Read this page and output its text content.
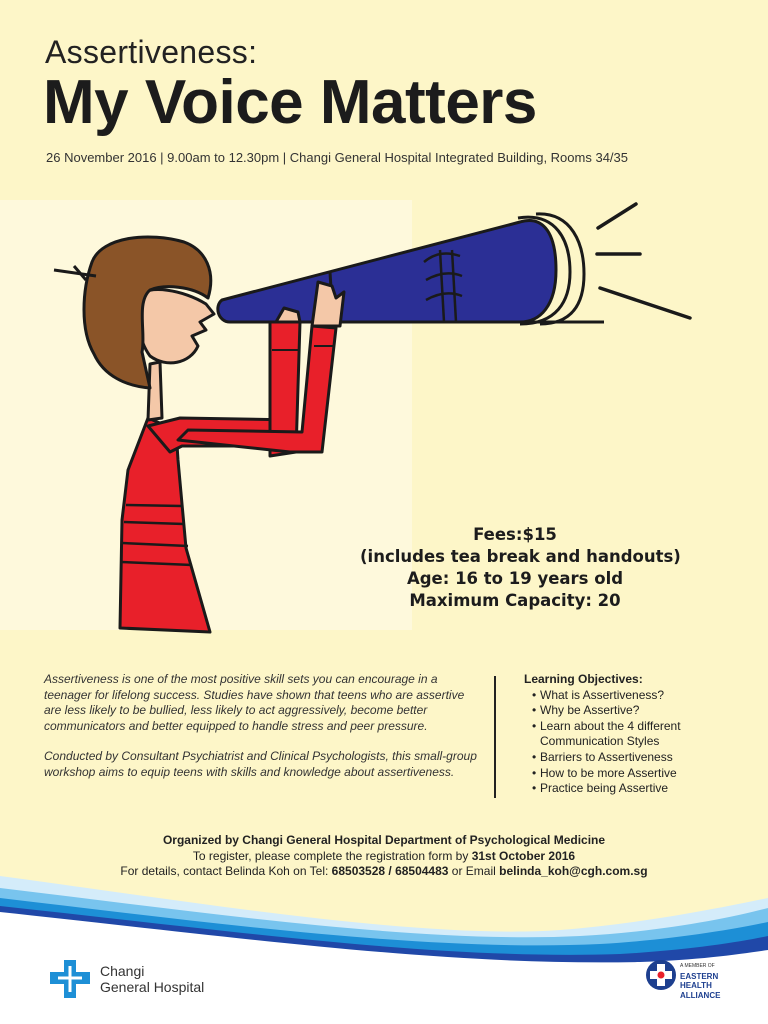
Assertiveness:
My Voice Matters
26 November 2016 | 9.00am to 12.30pm | Changi General Hospital Integrated Building, Rooms 34/35
Fees:$15
(includes tea break and handouts)
Age: 16 to 19 years old
Maximum Capacity: 20

Assertiveness is one of the most positive skill sets you can encourage in a teenager for lifelong success. Studies have shown that teens who are assertive are less likely to be bullied, less likely to act aggressively, become better communicators and better equipped to handle stress and peer pressure.

Conducted by Consultant Psychiatrist and Clinical Psychologists, this small-group workshop aims to equip teens with skills and knowledge about assertiveness.

Learning Objectives:
• What is Assertiveness?
• Why be Assertive?
• Learn about the 4 different Communication Styles
• Barriers to Assertiveness
• How to be more Assertive
• Practice being Assertive
Organized by Changi General Hospital Department of Psychological Medicine
To register, please complete the registration form by 31st October 2016
For details, contact Belinda Koh on Tel: 68503528 / 68504483 or Email belinda_koh@cgh.com.sg
Changi
General Hospital
A MEMBER OF
EASTERN
HEALTH
ALLIANCE
